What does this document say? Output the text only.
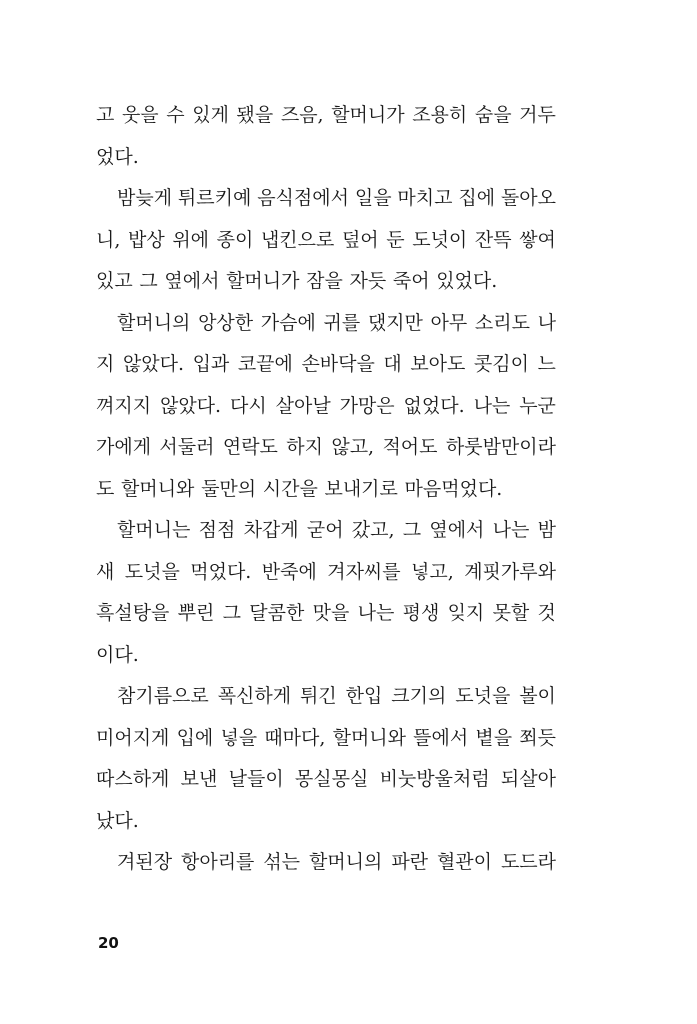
고 웃을 수 있게 됐을 즈음, 할머니가 조용히 숨을 거두
었다.
밤늦게 튀르키예 음식점에서 일을 마치고 집에 돌아오
니, 밥상 위에 종이 냅킨으로 덮어 둔 도넛이 잔뜩 쌓여
있고 그 옆에서 할머니가 잠을 자듯 죽어 있었다.
할머니의 앙상한 가슴에 귀를 댔지만 아무 소리도 나
지 않았다. 입과 코끝에 손바닥을 대 보아도 콧김이 느
껴지지 않았다. 다시 살아날 가망은 없었다. 나는 누군
가에게 서둘러 연락도 하지 않고, 적어도 하룻밤만이라
도 할머니와 둘만의 시간을 보내기로 마음먹었다.
할머니는 점점 차갑게 굳어 갔고, 그 옆에서 나는 밤
새 도넛을 먹었다. 반죽에 겨자씨를 넣고, 계핏가루와
흑설탕을 뿌린 그 달콤한 맛을 나는 평생 잊지 못할 것
이다.
참기름으로 폭신하게 튀긴 한입 크기의 도넛을 볼이
미어지게 입에 넣을 때마다, 할머니와 뜰에서 볕을 쬐듯
따스하게 보낸 날들이 몽실몽실 비눗방울처럼 되살아
났다.
겨된장 항아리를 섞는 할머니의 파란 혈관이 도드라
20
